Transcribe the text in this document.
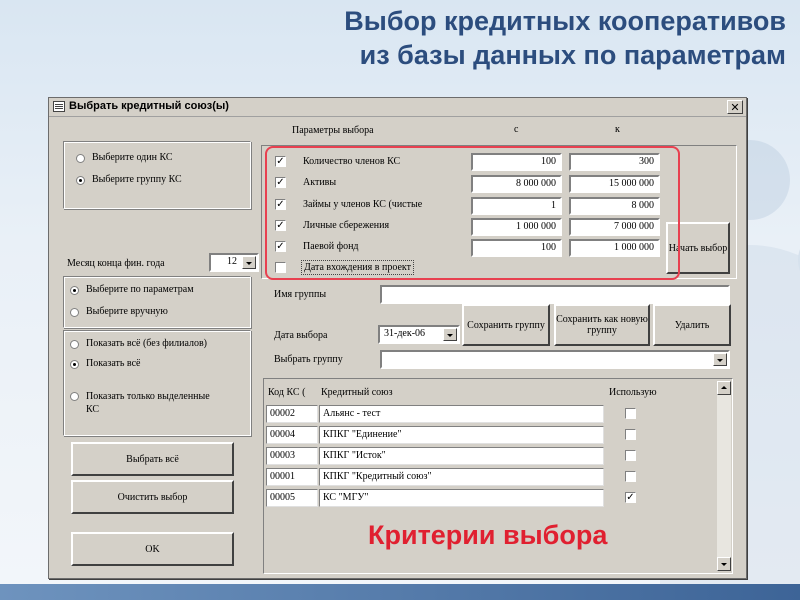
Выбор кредитных кооперативов
из базы данных по параметрам
Выбрать кредитный союз(ы)	✕
Выберите один КС
Выберите группу КС
Месяц конца фин. года	12
Выберите по параметрам
Выберите вручную
Показать всё (без филиалов)
Показать всё
Показать только выделенные КС
Выбрать всё
Очистить выбор
OK
Параметры выбора	с	к
✓ Количество членов КС	100	300
✓ Активы	8 000 000	15 000 000
✓ Займы у членов КС (чистые	1	8 000
✓ Личные сбережения	1 000 000	7 000 000
✓ Паевой фонд	100	1 000 000
Дата вхождения в проект
Начать выбор
Имя группы
Дата выбора	31-дек-06
Сохранить группу	Сохранить как новую группу	Удалить
Выбрать группу
Код КС ( Кредитный союз	Использую
00002	Альянс - тест
00004	КПКГ "Единение"
00003	КПКГ "Исток"
00001	КПКГ "Кредитный союз"
00005	КС "МГУ"	✓
Критерии выбора
